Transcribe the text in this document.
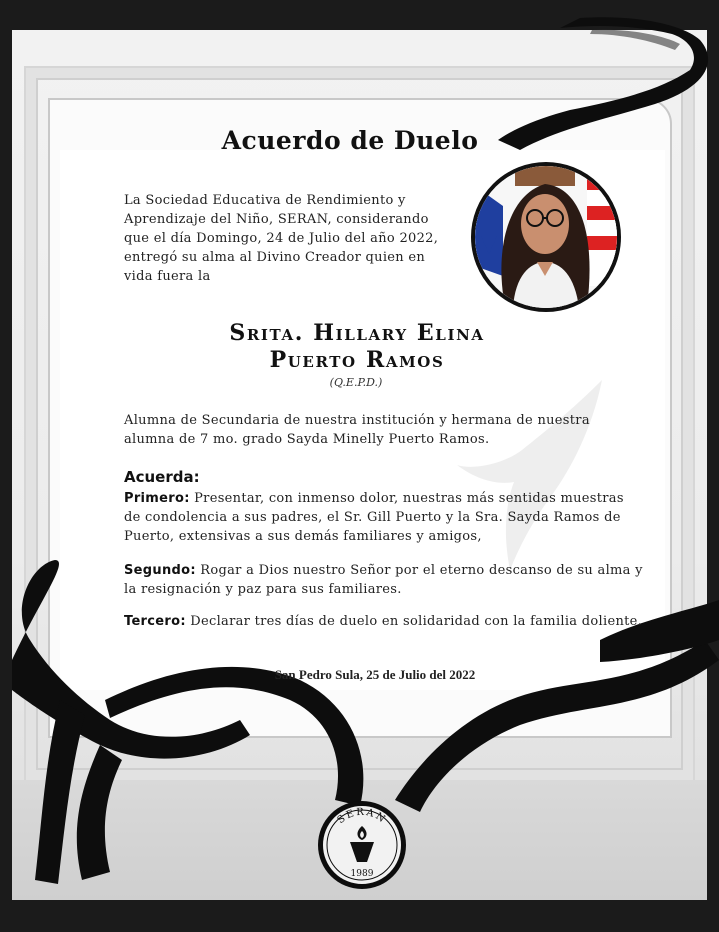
Acuerdo de Duelo
La Sociedad Educativa de Rendimiento y Aprendizaje del Niño, SERAN, considerando que el día Domingo, 24 de Julio del año 2022, entregó su alma al Divino Creador quien en vida fuera la
Srita. Hillary Elina
Puerto Ramos
(Q.E.P.D.)
Alumna de Secundaria de nuestra institución y hermana de nuestra alumna de 7 mo. grado Sayda Minelly Puerto Ramos.
Acuerda:
Primero: Presentar, con inmenso dolor, nuestras más sentidas muestras de condolencia a sus padres, el Sr. Gill Puerto y la Sra. Sayda Ramos de Puerto, extensivas a sus demás familiares y amigos,
Segundo: Rogar a Dios nuestro Señor por el eterno descanso de su alma y la resignación y paz para sus familiares.
Tercero: Declarar tres días de duelo en solidaridad con la familia doliente.
San Pedro Sula, 25 de Julio del 2022
SERAN
1989
